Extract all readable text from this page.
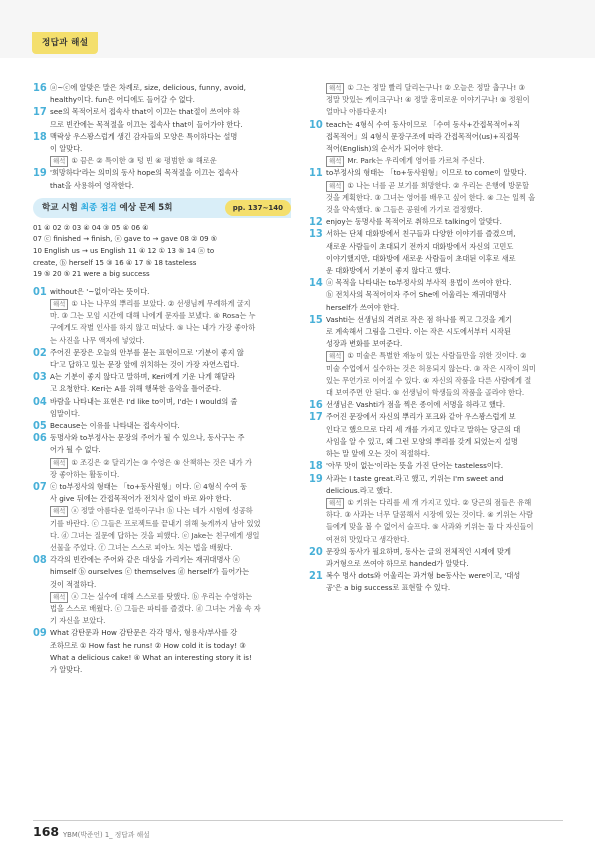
정답과 해설
16 ⓐ~ⓒ에 알맞은 말은 차례로, size, delicious, funny, avoid,
healthy이다. fun은 어디에도 들어갈 수 없다.
17 see의 목적어로서 접속사 that이 이끄는 that절이 쓰여야 하
므로 빈칸에는 목적절을 이끄는 접속사 that이 들어가야 한다.
18 맥락상 우스꽝스럽게 생긴 감자들의 모양은 특이하다는 설명
이 알맞다.
해석 ① 끔은 ② 특이한 ③ 텅 빈 ④ 평범한 ⑤ 해로운
19 '희망하다'라는 의미의 동사 hope의 목적절을 이끄는 접속사
that을 사용하여 영작한다.
학교 시험 최종 점검 예상 문제 5회	pp. 137~140
01 ④ 02 ② 03 ④ 04 ③ 05 ④ 06 ④
07 ⓒ finished → finish, ⓔ gave to → gave 08 ② 09 ⑤
10 English us → us English 11 ④ 12 ① 13 ⑤ 14 ⓐ to
create, ⓑ herself 15 ③ 16 ④ 17 ⑤ 18 tasteless
19 ⑤ 20 ⑤ 21 were a big success
01 without은 '~없이'라는 뜻이다.
해석 ① 나는 나무의 뿌리를 보았다. ② 선생님께 무례하게 굴지
마. ③ 그는 모임 시간에 대해 나에게 문자를 보냈다. ④ Rosa는 누
구에게도 작별 인사를 하지 않고 떠났다. ⑤ 나는 내가 가장 좋아하
는 사진을 나무 액자에 넣었다.
02 주어진 문장은 오늘의 안부를 묻는 표현이므로 '기분이 좋지 않
다'고 답하고 있는 문장 앞에 위치하는 것이 가장 자연스럽다.
03 A는 기분이 좋지 않다고 말하며, Keri에게 기운 나게 해달라
고 요청한다. Keri는 A를 위해 행복한 음악을 틀어준다.
04 바람을 나타내는 표현은 I'd like to이며, I'd는 I would의 줄
임말이다.
05 Because는 이유를 나타내는 접속사이다.
06 동명사와 to부정사는 문장의 주어가 될 수 있으나, 동사구는 주
어가 될 수 없다.
해석 ① 조깅은 ② 달리기는 ③ 수영은 ⑤ 산책하는 것은 내가 가
장 좋아하는 활동이다.
07 ⓒ to부정사의 형태는 「to+동사원형」이다. ⓔ 4형식 수여 동
사 give 뒤에는 간접목적어가 전치사 없이 바로 와야 한다.
해석 ⓐ 정말 아름다운 얼룩이구나! ⓑ 나는 네가 시험에 성공하
기를 바란다. ⓒ 그들은 프로젝트를 끝내기 위해 늦게까지 남아 있었
다. ⓓ 그녀는 질문에 답하는 것을 피했다. ⓔ Jake는 친구에게 생일
선물을 주었다. ⓕ 그녀는 스스로 피아노 치는 법을 배웠다.
08 각각의 빈칸에는 주어와 같은 대상을 가리키는 재귀대명사 ⓐ
himself ⓑ ourselves ⓒ themselves ⓓ herself가 들어가는
것이 적절하다.
해석 ⓐ 그는 실수에 대해 스스로를 탓했다. ⓑ 우리는 수영하는
법을 스스로 배웠다. ⓒ 그들은 파티를 즐겼다. ⓓ 그녀는 거울 속 자
기 자신을 보았다.
09 What 감탄문과 How 감탄문은 각각 명사, 형용사/부사를 강
조하므로 ① How fast he runs! ② How cold it is today! ③
What a delicious cake! ④ What an interesting story it is!
가 알맞다.
해석 ① 그는 정말 빨리 달리는구나! ② 오늘은 정말 춥구나! ③
정말 맛있는 케이크구나! ④ 정말 흥미로운 이야기구나! ⑤ 정원이
얼마나 아름다운지!
10 teach는 4형식 수여 동사이므로 「수여 동사+간접목적어+직
접목적어」의 4형식 문장구조에 따라 간접목적어(us)+직접목
적어(English)의 순서가 되어야 한다.
해석 Mr. Park는 우리에게 영어를 가르쳐 주신다.
11 to부정사의 형태는 「to+동사원형」이므로 to come이 알맞다.
해석 ① 나는 너를 곧 보기를 희망한다. ② 우리는 은행에 방문할
것을 계획한다. ③ 그녀는 영어를 배우고 싶어 한다. ④ 그는 일찍 올
것을 약속했다. ⑤ 그들은 공원에 가기로 결정했다.
12 enjoy는 동명사를 목적어로 취하므로 talking이 알맞다.
13 서하는 단체 대화방에서 친구들과 다양한 이야기를 즐겼으며,
새로운 사람들이 초대되기 전까지 대화방에서 자신의 고민도
이야기했지만, 대화방에 새로운 사람들이 초대된 이후로 새로
운 대화방에서 기분이 좋지 않다고 했다.
14 ⓐ 목적을 나타내는 to부정사의 부사적 용법이 쓰여야 한다.
ⓑ 전치사의 목적어이자 주어 She에 어울리는 재귀대명사
herself가 쓰여야 한다.
15 Vashti는 선생님의 격려로 작은 점 하나를 찍고 그것을 계기
로 계속해서 그림을 그린다. 이는 작은 시도에서부터 시작된
성장과 변화를 보여준다.
해석 ① 미술은 특별한 재능이 있는 사람들만을 위한 것이다. ②
미술 수업에서 실수하는 것은 허용되지 않는다. ③ 작은 시작이 의미
있는 무언가로 이어질 수 있다. ④ 자신의 작품을 다른 사람에게 절
대 보여주면 안 된다. ⑤ 선생님이 학생들의 작품을 골라야 한다.
16 선생님은 Vashti가 점을 찍은 종이에 서명을 하라고 했다.
17 주어진 문장에서 자신의 뿌리가 포크와 같아 우스꽝스럽게 보
인다고 했으므로 다리 세 개를 가지고 있다고 말하는 당근의 대
사임을 알 수 있고, 왜 그런 모양의 뿌리를 갖게 되었는지 설명
하는 말 앞에 오는 것이 적절하다.
18 '아무 맛이 없는'이라는 뜻을 가진 단어는 tasteless이다.
19 사과는 I taste great.라고 했고, 키위는 I'm sweet and
delicious.라고 했다.
해석 ① 키위는 다리를 세 개 가지고 있다. ② 당근의 점들은 유해
하다. ③ 사과는 너무 달콤해서 시장에 있는 것이다. ④ 키위는 사람
들에게 맞을 볼 수 없어서 슬프다. ⑤ 사과와 키위는 둘 다 자신들이
여전히 맛있다고 생각한다.
20 문장의 동사가 필요하며, 동사는 글의 전체적인 시제에 맞게
과거형으로 쓰여야 하므로 handed가 알맞다.
21 복수 명사 dots와 어울리는 과거형 be동사는 were이고, '대성
공'은 a big success로 표현할 수 있다.
168 YBM(박준언) 1_ 정답과 해설
